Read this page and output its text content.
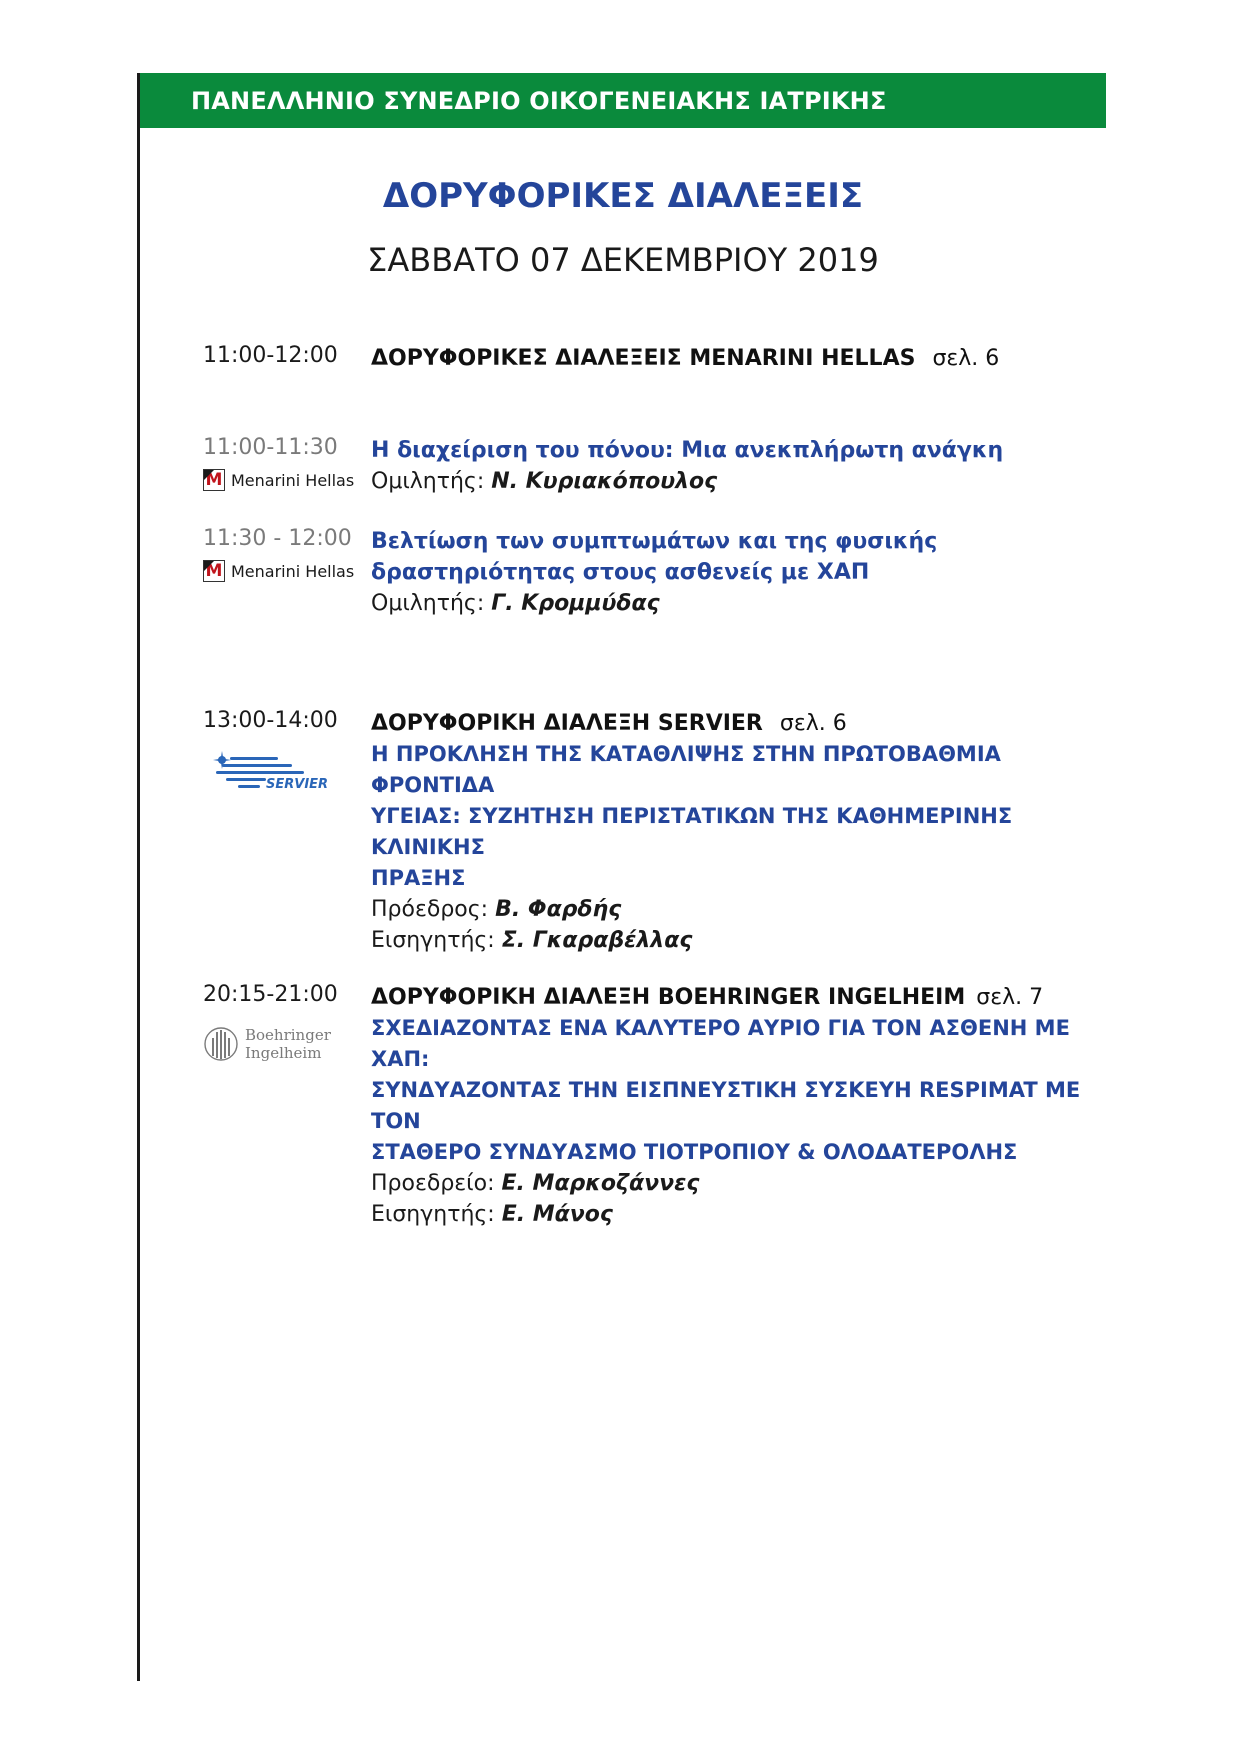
ΠΑΝΕΛΛΗΝΙΟ ΣΥΝΕΔΡΙΟ ΟΙΚΟΓΕΝΕΙΑΚΗΣ ΙΑΤΡΙΚΗΣ
ΔΟΡΥΦΟΡΙΚΕΣ ΔΙΑΛΕΞΕΙΣ
ΣΑΒΒΑΤΟ 07 ΔΕΚΕΜΒΡΙΟΥ 2019
11:00-12:00 ΔΟΡΥΦΟΡΙΚΕΣ ΔΙΑΛΕΞΕΙΣ MENARINI HELLAS σελ. 6
11:00-11:30
M Menarini Hellas
Η διαχείριση του πόνου: Μια ανεκπλήρωτη ανάγκη
Ομιλητής: Ν. Κυριακόπουλος
11:30 - 12:00
M Menarini Hellas
Βελτίωση των συμπτωμάτων και της φυσικής
δραστηριότητας στους ασθενείς με ΧΑΠ
Ομιλητής: Γ. Κρομμύδας
13:00-14:00
SERVIER
ΔΟΡΥΦΟΡΙΚΗ ΔΙΑΛΕΞΗ SERVIER σελ. 6
Η ΠΡΟΚΛΗΣΗ ΤΗΣ ΚΑΤΑΘΛΙΨΗΣ ΣΤΗΝ ΠΡΩΤΟΒΑΘΜΙΑ ΦΡΟΝΤΙΔΑ
ΥΓΕΙΑΣ: ΣΥΖΗΤΗΣΗ ΠΕΡΙΣΤΑΤΙΚΩΝ ΤΗΣ ΚΑΘΗΜΕΡΙΝΗΣ ΚΛΙΝΙΚΗΣ
ΠΡΑΞΗΣ
Πρόεδρος: Β. Φαρδής
Εισηγητής: Σ. Γκαραβέλλας
20:15-21:00
Boehringer
Ingelheim
ΔΟΡΥΦΟΡΙΚΗ ΔΙΑΛΕΞΗ BOEHRINGER INGELHEIM σελ. 7
ΣΧΕΔΙΑΖΟΝΤΑΣ ΕΝΑ ΚΑΛΥΤΕΡΟ ΑΥΡΙΟ ΓΙΑ ΤΟΝ ΑΣΘΕΝΗ ΜΕ ΧΑΠ:
ΣΥΝΔΥΑΖΟΝΤΑΣ ΤΗΝ ΕΙΣΠΝΕΥΣΤΙΚΗ ΣΥΣΚΕΥΗ RESPIMAT ΜΕ ΤΟΝ
ΣΤΑΘΕΡΟ ΣΥΝΔΥΑΣΜΟ ΤΙΟΤΡΟΠΙΟΥ & ΟΛΟΔΑΤΕΡΟΛΗΣ
Προεδρείο: Ε. Μαρκοζάννες
Εισηγητής: Ε. Μάνος
